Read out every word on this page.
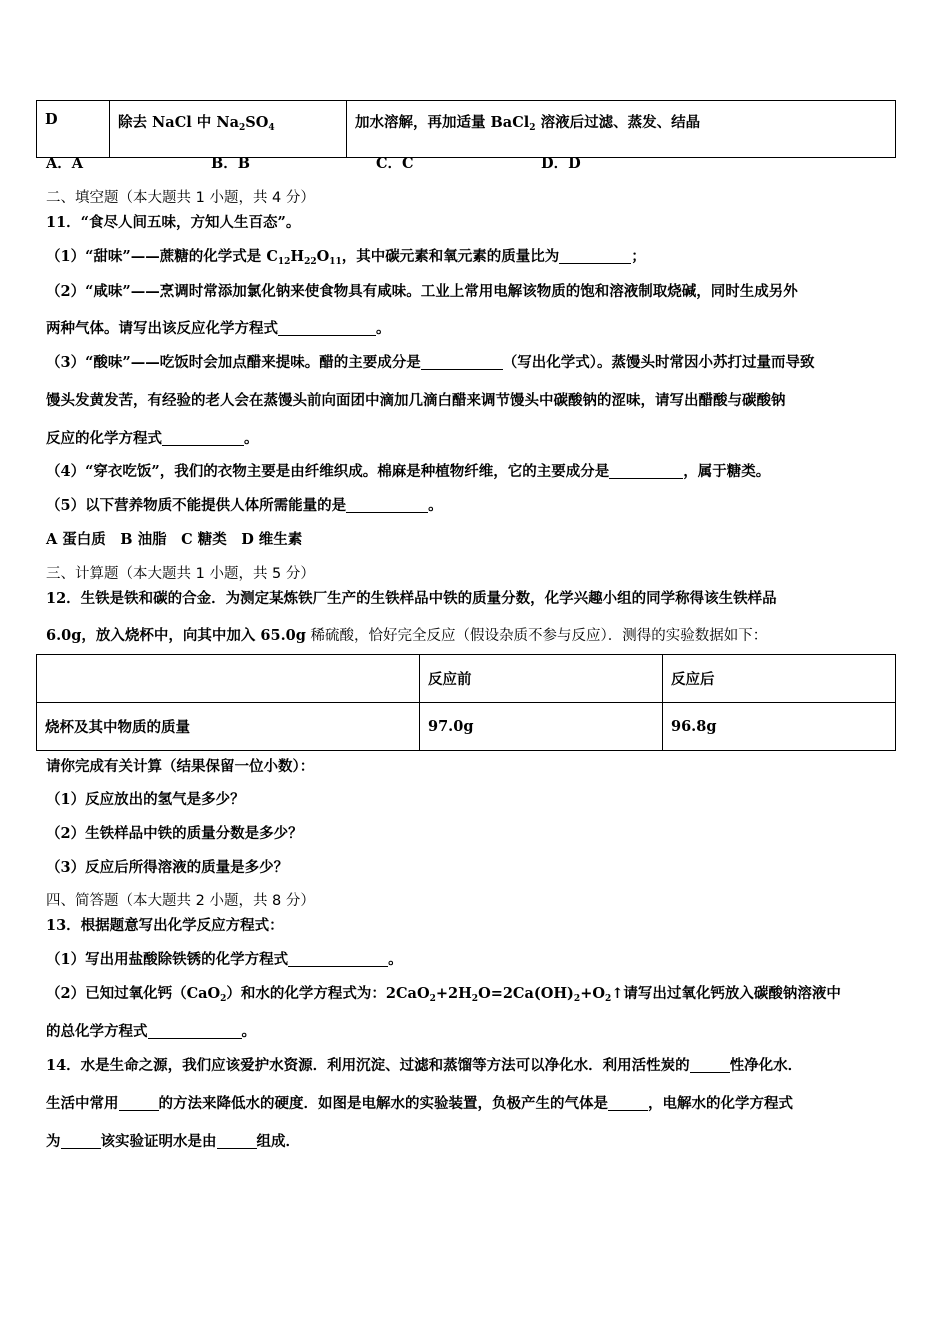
D	除去 NaCl 中 $Na_2SO_4$	加水溶解，再加适量 BaCl$_2$ 溶液后过滤、蒸发、结晶
A．A	B．B	C．C	D．D
二、填空题（本大题共 1 小题，共 4 分）
11．“食尽人间五味，方知人生百态”。
（1）“甜味”——蔗糖的化学式是 $C_{12}H_{22}O_{11}$，其中碳元素和氧元素的质量比为	；
（2）“咸味”——烹调时常添加氯化钠来使食物具有咸味。工业上常用电解该物质的饱和溶液制取烧碱，同时生成另外
两种气体。请写出该反应化学方程式	。
（3）“酸味”——吃饭时会加点醋来提味。醋的主要成分是	（写出化学式）。蒸馒头时常因小苏打过量而导致
馒头发黄发苦，有经验的老人会在蒸馒头前向面团中滴加几滴白醋来调节馒头中碳酸钠的涩味，请写出醋酸与碳酸钠
反应的化学方程式	。
（4）“穿衣吃饭”，我们的衣物主要是由纤维织成。棉麻是种植物纤维，它的主要成分是	，属于糖类。
（5）以下营养物质不能提供人体所需能量的是	。
A 蛋白质　B 油脂　C 糖类　D 维生素
三、计算题（本大题共 1 小题，共 5 分）
12．生铁是铁和碳的合金．为测定某炼铁厂生产的生铁样品中铁的质量分数，化学兴趣小组的同学称得该生铁样品
6.0g，放入烧杯中，向其中加入 65.0g 稀硫酸，恰好完全反应（假设杂质不参与反应）．测得的实验数据如下：
	反应前	反应后
烧杯及其中物质的质量	97.0g	96.8g
请你完成有关计算（结果保留一位小数）：
（1）反应放出的氢气是多少？
（2）生铁样品中铁的质量分数是多少？
（3）反应后所得溶液的质量是多少？
四、简答题（本大题共 2 小题，共 8 分）
13．根据题意写出化学反应方程式：
（1）写出用盐酸除铁锈的化学方程式	。
（2）已知过氧化钙（CaO$_2$）和水的化学方程式为：$2CaO_2+2H_2O=2Ca(OH)_2+O_2↑$请写出过氧化钙放入碳酸钠溶液中
的总化学方程式	。
14．水是生命之源，我们应该爱护水资源．利用沉淀、过滤和蒸馏等方法可以净化水．利用活性炭的	性净化水．
生活中常用	的方法来降低水的硬度．如图是电解水的实验装置，负极产生的气体是	，电解水的化学方程式
为	该实验证明水是由	组成．
